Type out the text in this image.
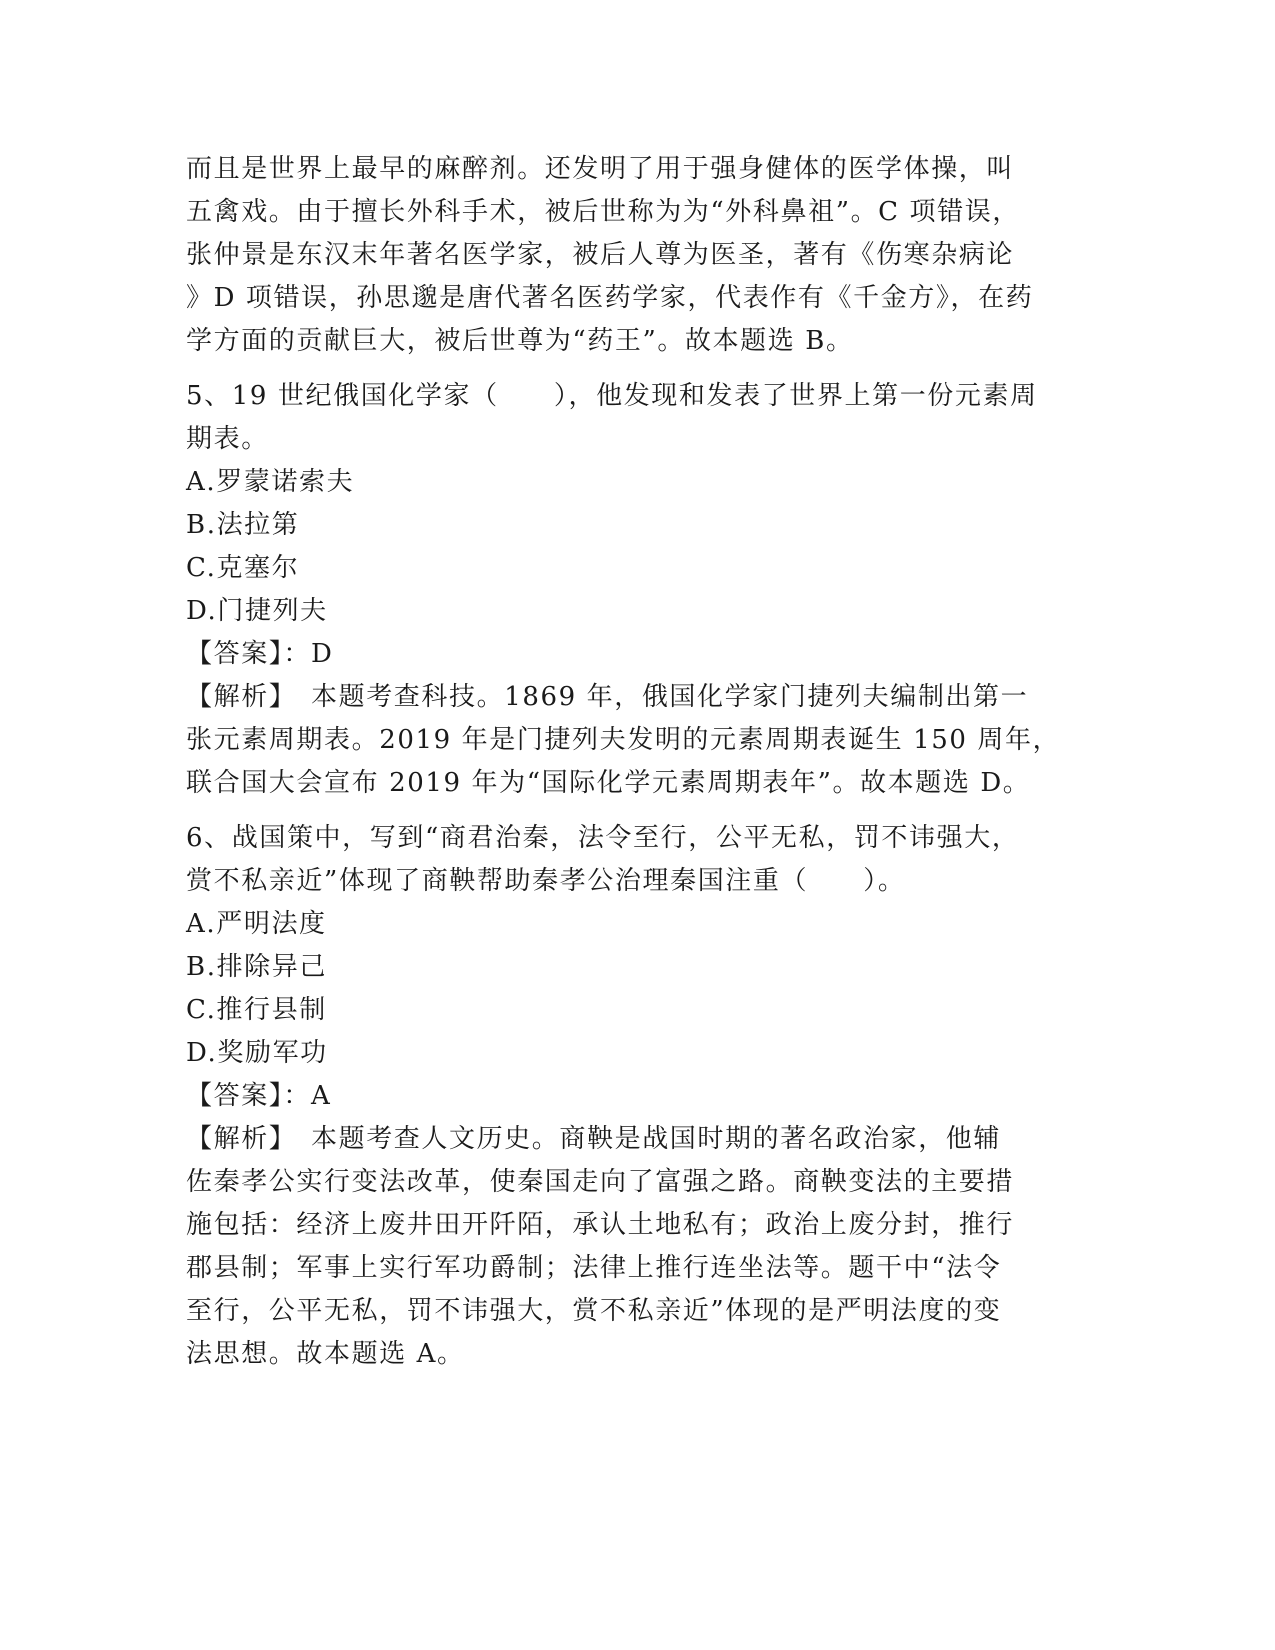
而且是世界上最早的麻醉剂。还发明了用于强身健体的医学体操，叫
五禽戏。由于擅长外科手术，被后世称为为“外科鼻祖”。C 项错误，
张仲景是东汉末年著名医学家，被后人尊为医圣，著有《伤寒杂病论
》D 项错误，孙思邈是唐代著名医药学家，代表作有《千金方》，在药
学方面的贡献巨大，被后世尊为“药王”。故本题选 B。
5、19 世纪俄国化学家（　　），他发现和发表了世界上第一份元素周
期表。
A.罗蒙诺索夫
B.法拉第
C.克塞尔
D.门捷列夫
【答案】：D
【解析】　本题考查科技。1869 年，俄国化学家门捷列夫编制出第一
张元素周期表。2019 年是门捷列夫发明的元素周期表诞生 150 周年，
联合国大会宣布 2019 年为“国际化学元素周期表年”。故本题选 D。
6、战国策中，写到“商君治秦，法令至行，公平无私，罚不讳强大，
赏不私亲近”体现了商鞅帮助秦孝公治理秦国注重（　　）。
A.严明法度
B.排除异己
C.推行县制
D.奖励军功
【答案】：A
【解析】　本题考查人文历史。商鞅是战国时期的著名政治家，他辅
佐秦孝公实行变法改革，使秦国走向了富强之路。商鞅变法的主要措
施包括：经济上废井田开阡陌，承认土地私有；政治上废分封，推行
郡县制；军事上实行军功爵制；法律上推行连坐法等。题干中“法令
至行，公平无私，罚不讳强大，赏不私亲近”体现的是严明法度的变
法思想。故本题选 A。
